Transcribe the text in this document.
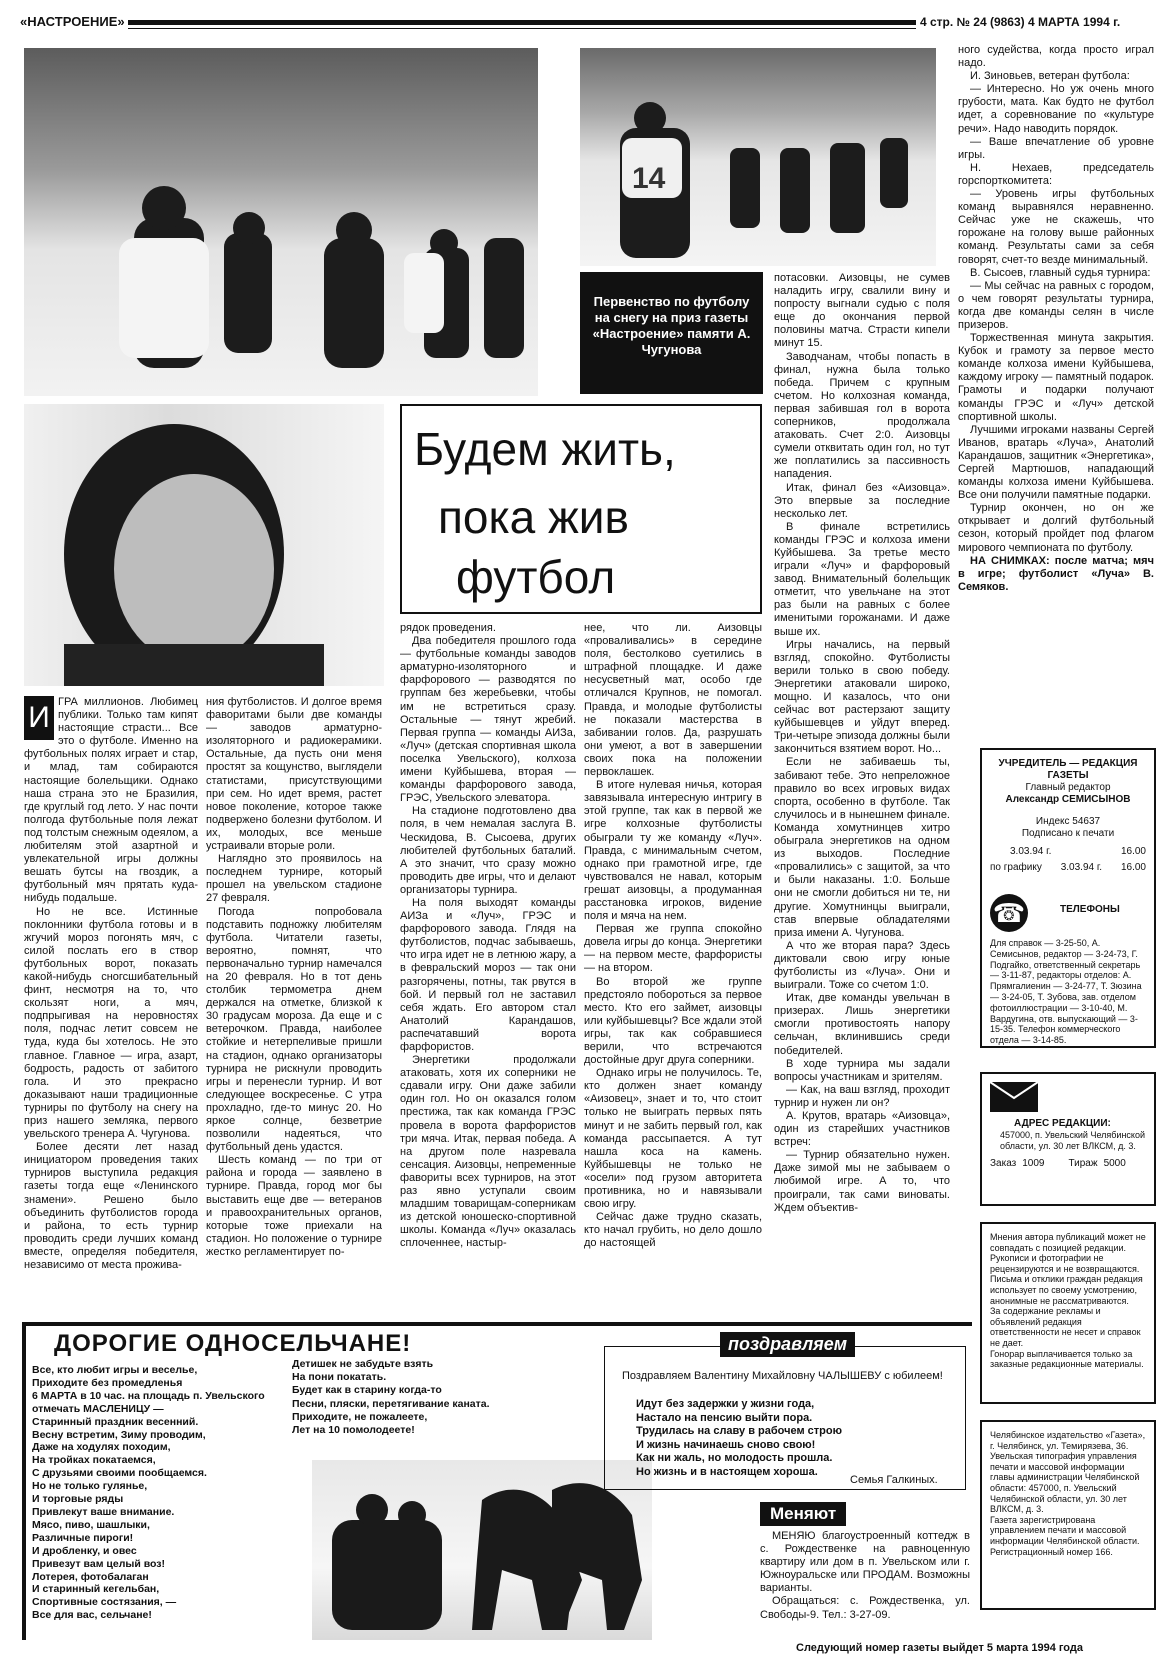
«НАСТРОЕНИЕ»	4 стр. № 24 (9863) 4 МАРТА 1994 г.
14
Первенство по футболу на снегу на приз газеты «Настроение» памяти А. Чугунова
Будем жить,
пока жив
футбол
И ГРА миллионов. Любимец публики. Только там кипят настоящие страсти... Все это о футболе. Именно на футбольных полях играет и стар, и млад, там собираются настоящие болельщики. Однако наша страна это не Бразилия, где круглый год лето. У нас почти полгода футбольные поля лежат под толстым снежным одеялом, а любителям этой азартной и увлекательной игры должны вешать бутсы на гвоздик, а футбольный мяч прятать куда-нибудь подальше.

Но не все. Истинные поклонники футбола готовы и в жгучий мороз погонять мяч, с силой послать его в створ футбольных ворот, показать какой-нибудь сногсшибательный финт, несмотря на то, что скользят ноги, а мяч, подпрыгивая на неровностях поля, подчас летит совсем не туда, куда бы хотелось. Не это главное. Главное — игра, азарт, бодрость, радость от забитого гола. И это прекрасно доказывают наши традиционные турниры по футболу на снегу на приз нашего земляка, первого увельского тренера А. Чугунова.

Более десяти лет назад инициатором проведения таких турниров выступила редакция газеты тогда еще «Ленинского знамени». Решено было объединить футболистов города и района, то есть турнир проводить среди лучших команд вместе, определяя победителя, независимо от места прожива-

ния футболистов. И долгое время фаворитами были две команды — заводов арматурно-изоляторного и радиокерамики. Остальные, да пусть они меня простят за кощунство, выглядели статистами, присутствующими при сем. Но идет время, растет новое поколение, которое также подвержено болезни футболом. И их, молодых, все меньше устраивали вторые роли.

Наглядно это проявилось на последнем турнире, который прошел на увельском стадионе 27 февраля.

Погода попробовала подставить подножку любителям футбола. Читатели газеты, вероятно, помнят, что первоначально турнир намечался на 20 февраля. Но в тот день столбик термометра днем держался на отметке, близкой к 30 градусам мороза. Да еще и с ветерочком. Правда, наиболее стойкие и нетерпеливые пришли на стадион, однако организаторы турнира не рискнули проводить игры и перенесли турнир. И вот следующее воскресенье. С утра прохладно, где-то минус 20. Но яркое солнце, безветрие позволили надеяться, что футбольный день удастся.

Шесть команд — по три от района и города — заявлено в турнире. Правда, город мог бы выставить еще две — ветеранов и правоохранительных органов, которые тоже приехали на стадион. Но положение о турнире жестко регламентирует по-

рядок проведения.

Два победителя прошлого года — футбольные команды заводов арматурно-изоляторного и фарфорового — разводятся по группам без жеребьевки, чтобы им не встретиться сразу. Остальные — тянут жребий. Первая группа — команды АИЗа, «Луч» (детская спортивная школа поселка Увельского), колхоза имени Куйбышева, вторая — команды фарфорового завода, ГРЭС, Увельского элеватора.

На стадионе подготовлено два поля, в чем немалая заслуга В. Ческидова, В. Сысоева, других любителей футбольных баталий. А это значит, что сразу можно проводить две игры, что и делают организаторы турнира.

На поля выходят команды АИЗа и «Луч», ГРЭС и фарфорового завода. Глядя на футболистов, подчас забываешь, что игра идет не в летнюю жару, а в февральский мороз — так они разгорячены, потны, так рвутся в бой. И первый гол не заставил себя ждать. Его автором стал Анатолий Карандашов, распечатавший ворота фарфористов.

Энергетики продолжали атаковать, хотя их соперники не сдавали игру. Они даже забили один гол. Но он оказался голом престижа, так как команда ГРЭС провела в ворота фарфористов три мяча. Итак, первая победа. А на другом поле назревала сенсация. Аизовцы, непременные фавориты всех турниров, на этот раз явно уступали своим младшим товарищам-соперникам из детской юношеско-спортивной школы. Команда «Луч» оказалась сплоченнее, настыр-

нее, что ли. Аизовцы «проваливались» в середине поля, бестолково суетились в штрафной площадке. И даже несусветный мат, особо где отличался Крупнов, не помогал. Правда, и молодые футболисты не показали мастерства в забивании голов. Да, разрушать они умеют, а вот в завершении своих пока на положении первоклашек.

В итоге нулевая ничья, которая завязывала интересную интригу в этой группе, так как в первой же игре колхозные футболисты обыграли ту же команду «Луч». Правда, с минимальным счетом, однако при грамотной игре, где чувствовался не навал, которым грешат аизовцы, а продуманная расстановка игроков, видение поля и мяча на нем.

Первая же группа спокойно довела игры до конца. Энергетики — на первом месте, фарфористы — на втором.

Во второй же группе предстояло побороться за первое место. Кто его займет, аизовцы или куйбышевцы? Все ждали этой игры, так как собравшиеся верили, что встречаются достойные друг друга соперники.

Однако игры не получилось. Те, кто должен знает команду «Аизовец», знает и то, что стоит только не выиграть первых пять минут и не забить первый гол, как команда рассыпается. А тут нашла коса на камень. Куйбышевцы не только не «осели» под грузом авторитета противника, но и навязывали свою игру.

Сейчас даже трудно сказать, кто начал грубить, но дело дошло до настоящей

потасовки. Аизовцы, не сумев наладить игру, свалили вину и попросту выгнали судью с поля еще до окончания первой половины матча. Страсти кипели минут 15.

Заводчанам, чтобы попасть в финал, нужна была только победа. Причем с крупным счетом. Но колхозная команда, первая забившая гол в ворота соперников, продолжала атаковать. Счет 2:0. Аизовцы сумели отквитать один гол, но тут же поплатились за пассивность нападения.

Итак, финал без «Аизовца». Это впервые за последние несколько лет.

В финале встретились команды ГРЭС и колхоза имени Куйбышева. За третье место играли «Луч» и фарфоровый завод. Внимательный болельщик отметит, что увельчане на этот раз были на равных с более именитыми горожанами. И даже выше их.

Игры начались, на первый взгляд, спокойно. Футболисты верили только в свою победу. Энергетики атаковали широко, мощно. И казалось, что они сейчас вот растерзают защиту куйбышевцев и уйдут вперед. Три-четыре эпизода должны были закончиться взятием ворот. Но...

Если не забиваешь ты, забивают тебе. Это непреложное правило во всех игровых видах спорта, особенно в футболе. Так случилось и в нынешнем финале. Команда хомутнинцев хитро обыграла энергетиков на одном из выходов. Последние «провалились» с защитой, за что и были наказаны. 1:0. Больше они не смогли добиться ни те, ни другие. Хомутнинцы выиграли, став впервые обладателями приза имени А. Чугунова.

А что же вторая пара? Здесь диктовали свою игру юные футболисты из «Луча». Они и выиграли. Тоже со счетом 1:0.

Итак, две команды увельчан в призерах. Лишь энергетики смогли противостоять напору сельчан, вклинившись среди победителей.

В ходе турнира мы задали вопросы участникам и зрителям.

— Как, на ваш взгляд, проходит турнир и нужен ли он?

А. Крутов, вратарь «Аизовца», один из старейших участников встреч:

— Турнир обязательно нужен. Даже зимой мы не забываем о любимой игре. А то, что проиграли, так сами виноваты. Ждем объектив-

ного судейства, когда просто играл надо.

И. Зиновьев, ветеран футбола:

— Интересно. Но уж очень много грубости, мата. Как будто не футбол идет, а соревнование по «культуре речи». Надо наводить порядок.

— Ваше впечатление об уровне игры.

Н. Нехаев, председатель горспорткомитета:

— Уровень игры футбольных команд выравнялся неравненно. Сейчас уже не скажешь, что горожане на голову выше районных команд. Результаты сами за себя говорят, счет-то везде минимальный.

В. Сысоев, главный судья турнира:

— Мы сейчас на равных с городом, о чем говорят результаты турнира, когда две команды селян в числе призеров.

Торжественная минута закрытия. Кубок и грамоту за первое место команде колхоза имени Куйбышева, каждому игроку — памятный подарок. Грамоты и подарки получают команды ГРЭС и «Луч» детской спортивной школы.

Лучшими игроками названы Сергей Иванов, вратарь «Луча», Анатолий Карандашов, защитник «Энергетика», Сергей Мартюшов, нападающий команды колхоза имени Куйбышева. Все они получили памятные подарки.

Турнир окончен, но он же открывает и долгий футбольный сезон, который пройдет под флагом мирового чемпионата по футболу.

НА СНИМКАХ: после матча; мяч в игре; футболист «Луча» В. Семяков.

УЧРЕДИТЕЛЬ — РЕДАКЦИЯ ГАЗЕТЫ
Главный редактор
Александр СЕМИСЫНОВ
Индекс 54637
Подписано к печати
3.03.94 г.	16.00
по графику 3.03.94 г. 16.00
☎	ТЕЛЕФОНЫ
Для справок — 3-25-50, А. Семисынов, редактор — 3-24-73, Г. Подгайко, ответственный секретарь — 3-11-87, редакторы отделов: А. Прямгалиенин — 3-24-77, Т. Зюзина — 3-24-05, Т. Зубова, зав. отделом фотоиллюстрации — 3-10-40, М. Вардугина, отв. выпускающий — 3-15-35. Телефон коммерческого отдела — 3-14-85.
АДРЕС РЕДАКЦИИ:
457000, п. Увельский Челябинской области, ул. 30 лет ВЛКСМ, д. 3.
Заказ 1009 Тираж 5000
Мнения автора публикаций может не совпадать с позицией редакции. Рукописи и фотографии не рецензируются и не возвращаются.
Письма и отклики граждан редакция использует по своему усмотрению, анонимные не рассматриваются.
За содержание рекламы и объявлений редакция ответственности не несет и справок не дает.
Гонорар выплачивается только за заказные редакционные материалы.
Челябинское издательство «Газета», г. Челябинск, ул. Темирязева, 36.
Увельская типография управления печати и массовой информации главы администрации Челябинской области: 457000, п. Увельский Челябинской области, ул. 30 лет ВЛКСМ, д. 3.
Газета зарегистрирована управлением печати и массовой информации Челябинской области. Регистрационный номер 166.
ДОРОГИЕ ОДНОСЕЛЬЧАНЕ!
Все, кто любит игры и веселье,
Приходите без промедленья
6 МАРТА в 10 час. на площадь п. Увельского отмечать МАСЛЕНИЦУ —
Старинный праздник весенний.
Весну встретим, Зиму проводим,
Даже на ходулях походим,
На тройках покатаемся,
С друзьями своими пообщаемся.
Но не только гулянье,
И торговые ряды
Привлекут ваше внимание.
Мясо, пиво, шашлыки,
Различные пироги!
И дробленку, и овес
Привезут вам целый воз!
Лотерея, фотобалаган
И старинный кегельбан,
Спортивные состязания, —
Все для вас, сельчане!
Детишек не забудьте взять
На пони покатать.
Будет как в старину когда-то
Песни, пляски, перетягивание каната.
Приходите, не пожалеете,
Лет на 10 помолодеете!
поздравляем
Поздравляем Валентину Михайловну ЧАЛЫШЕВУ с юбилеем!
Идут без задержки у жизни года,
Настало на пенсию выйти пора.
Трудилась на славу в рабочем строю
И жизнь начинаешь сново свою!
Как ни жаль, но молодость прошла.
Но жизнь и в настоящем хороша.
Семья Галкиных.
Меняют

МЕНЯЮ благоустроенный коттедж в с. Рождественке на равноценную квартиру или дом в п. Увельском или г. Южноуральске или ПРОДАМ. Возможны варианты.

Обращаться: с. Рождественка, ул. Свободы-9. Тел.: 3-27-09.

Следующий номер газеты выйдет 5 марта 1994 года
